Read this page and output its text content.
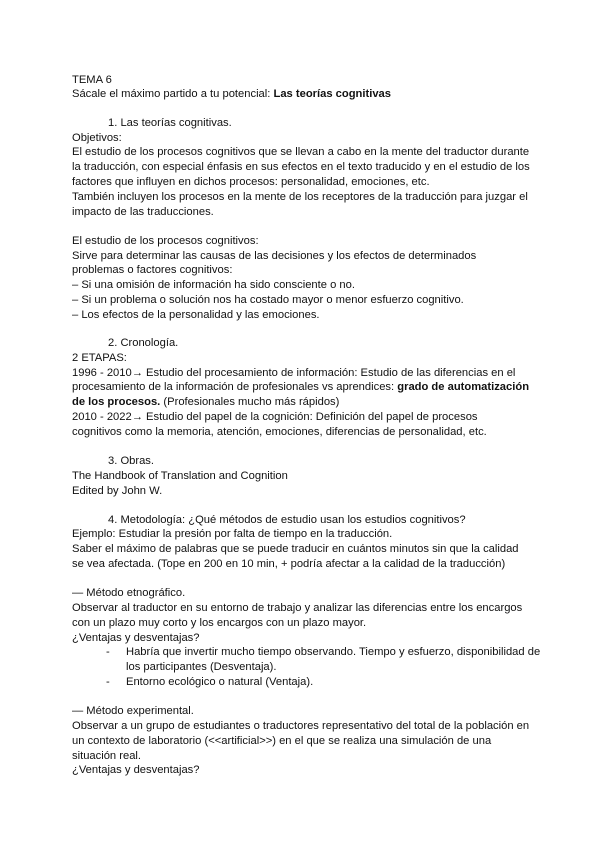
TEMA 6
Sácale el máximo partido a tu potencial: Las teorías cognitivas
1. Las teorías cognitivas.
Objetivos:
El estudio de los procesos cognitivos que se llevan a cabo en la mente del traductor durante
la traducción, con especial énfasis en sus efectos en el texto traducido y en el estudio de los
factores que influyen en dichos procesos: personalidad, emociones, etc.
También incluyen los procesos en la mente de los receptores de la traducción para juzgar el
impacto de las traducciones.
El estudio de los procesos cognitivos:
Sirve para determinar las causas de las decisiones y los efectos de determinados
problemas o factores cognitivos:
– Si una omisión de información ha sido consciente o no.
– Si un problema o solución nos ha costado mayor o menor esfuerzo cognitivo.
– Los efectos de la personalidad y las emociones.
2. Cronología.
2 ETAPAS:
1996 - 2010→ Estudio del procesamiento de información: Estudio de las diferencias en el
procesamiento de la información de profesionales vs aprendices: grado de automatización
de los procesos. (Profesionales mucho más rápidos)
2010 - 2022→ Estudio del papel de la cognición: Definición del papel de procesos
cognitivos como la memoria, atención, emociones, diferencias de personalidad, etc.
3. Obras.
The Handbook of Translation and Cognition
Edited by John W.
4. Metodología: ¿Qué métodos de estudio usan los estudios cognitivos?
Ejemplo: Estudiar la presión por falta de tiempo en la traducción.
Saber el máximo de palabras que se puede traducir en cuántos minutos sin que la calidad
se vea afectada. (Tope en 200 en 10 min, + podría afectar a la calidad de la traducción)
— Método etnográfico.
Observar al traductor en su entorno de trabajo y analizar las diferencias entre los encargos
con un plazo muy corto y los encargos con un plazo mayor.
¿Ventajas y desventajas?
- Habría que invertir mucho tiempo observando. Tiempo y esfuerzo, disponibilidad de
los participantes (Desventaja).
- Entorno ecológico o natural (Ventaja).
— Método experimental.
Observar a un grupo de estudiantes o traductores representativo del total de la población en
un contexto de laboratorio (<<artificial>>) en el que se realiza una simulación de una
situación real.
¿Ventajas y desventajas?
